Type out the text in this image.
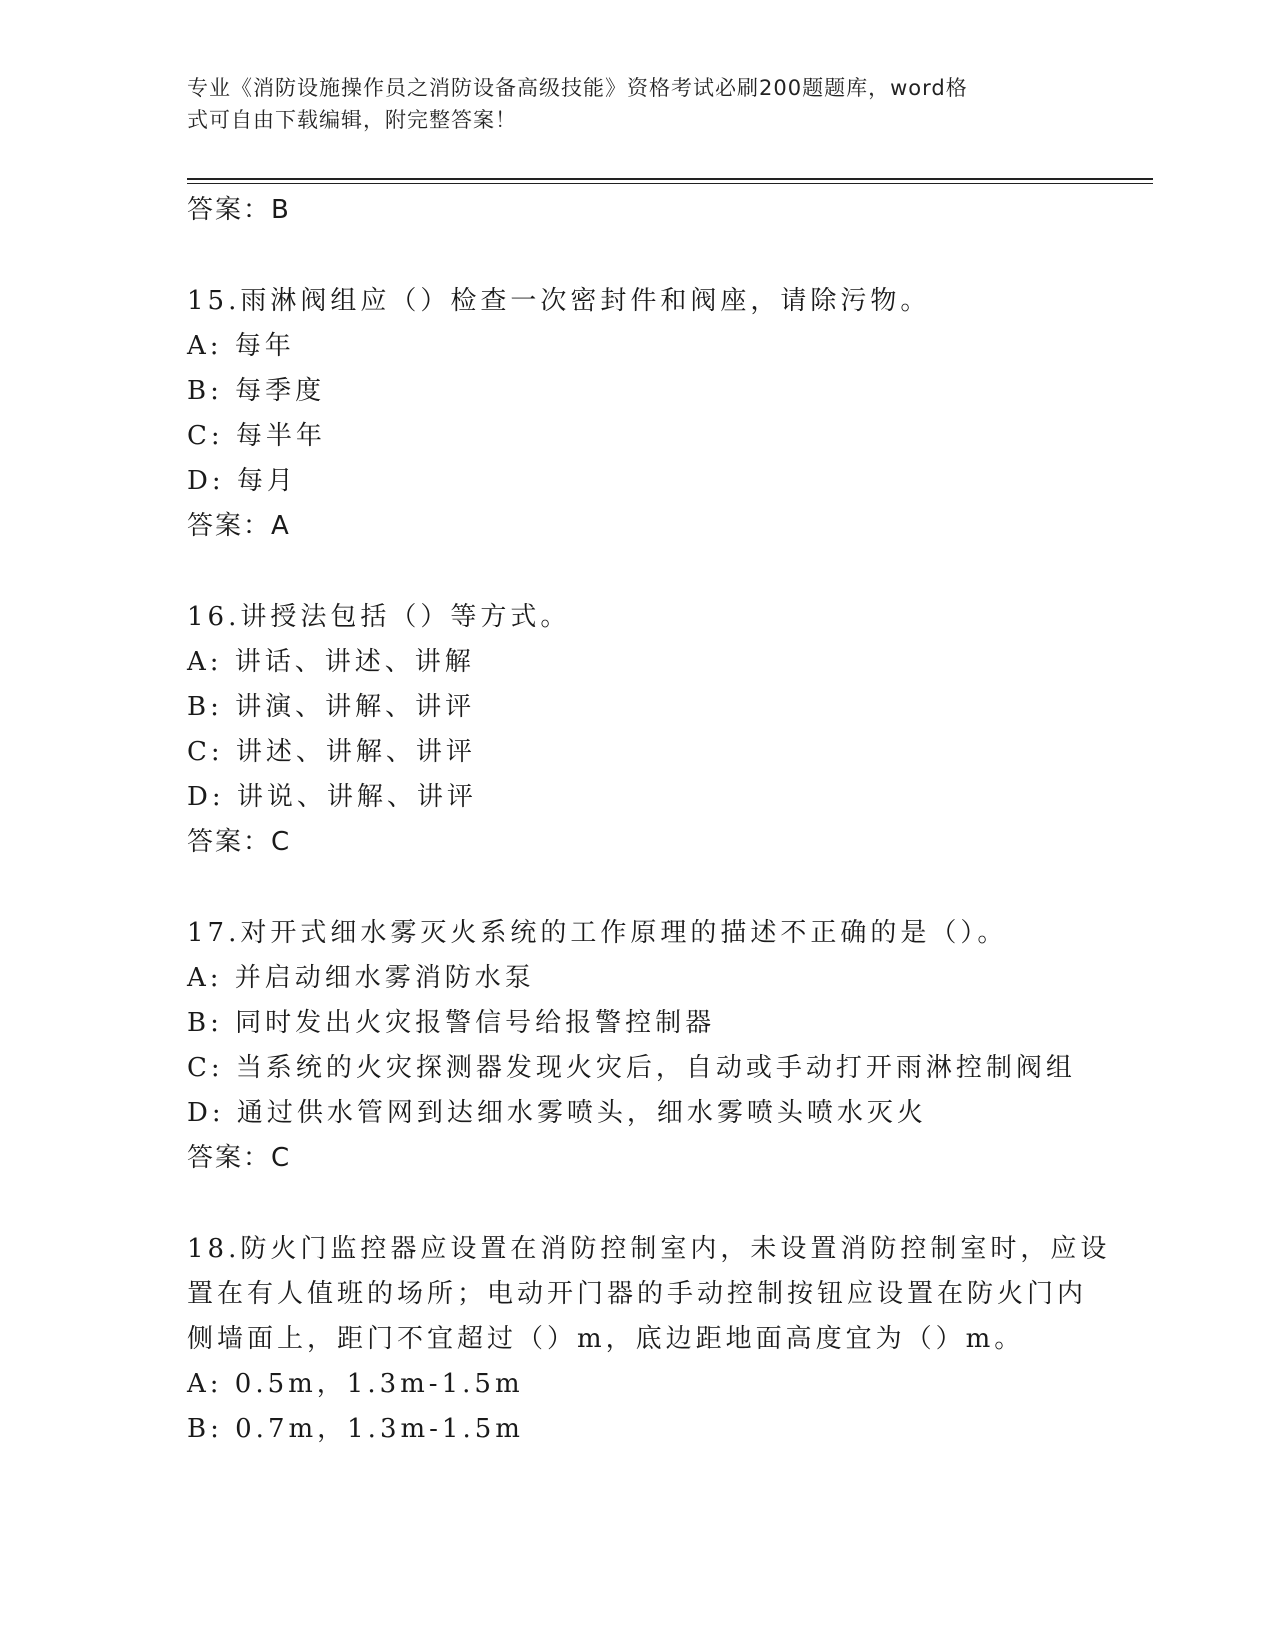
专业《消防设施操作员之消防设备高级技能》资格考试必刷200题题库，word格
式可自由下载编辑，附完整答案！
答案：B
15.雨淋阀组应（）检查一次密封件和阀座，请除污物。
A: 每年
B: 每季度
C: 每半年
D: 每月
答案：A
16.讲授法包括（）等方式。
A: 讲话、讲述、讲解
B: 讲演、讲解、讲评
C: 讲述、讲解、讲评
D: 讲说、讲解、讲评
答案：C
17.对开式细水雾灭火系统的工作原理的描述不正确的是（）。
A: 并启动细水雾消防水泵
B: 同时发出火灾报警信号给报警控制器
C: 当系统的火灾探测器发现火灾后，自动或手动打开雨淋控制阀组
D: 通过供水管网到达细水雾喷头，细水雾喷头喷水灭火
答案：C
18.防火门监控器应设置在消防控制室内，未设置消防控制室时，应设
置在有人值班的场所；电动开门器的手动控制按钮应设置在防火门内
侧墙面上，距门不宜超过（）m，底边距地面高度宜为（）m。
A: 0.5m，1.3m-1.5m
B: 0.7m，1.3m-1.5m
